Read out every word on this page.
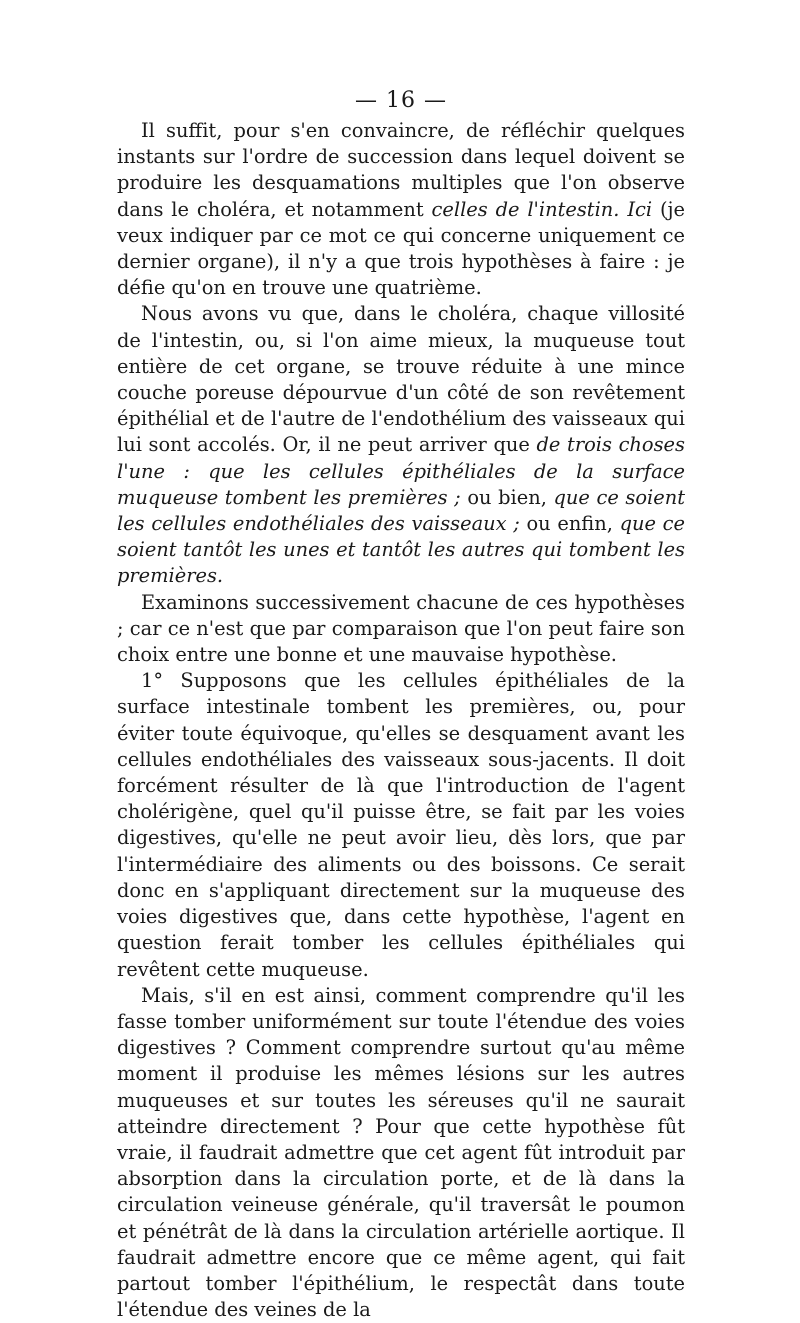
— 16 —

Il suffit, pour s'en convaincre, de réfléchir quelques instants sur l'ordre de succession dans lequel doivent se produire les desquamations multiples que l'on observe dans le choléra, et notamment celles de l'intestin. Ici (je veux indiquer par ce mot ce qui concerne uniquement ce dernier organe), il n'y a que trois hypothèses à faire : je défie qu'on en trouve une quatrième.

Nous avons vu que, dans le choléra, chaque villosité de l'intestin, ou, si l'on aime mieux, la muqueuse tout entière de cet organe, se trouve réduite à une mince couche poreuse dépourvue d'un côté de son revêtement épithélial et de l'autre de l'endothélium des vaisseaux qui lui sont accolés. Or, il ne peut arriver que de trois choses l'une : que les cellules épithéliales de la surface muqueuse tombent les premières ; ou bien, que ce soient les cellules endothéliales des vaisseaux ; ou enfin, que ce soient tantôt les unes et tantôt les autres qui tombent les premières.

Examinons successivement chacune de ces hypothèses ; car ce n'est que par comparaison que l'on peut faire son choix entre une bonne et une mauvaise hypothèse.

1° Supposons que les cellules épithéliales de la surface intestinale tombent les premières, ou, pour éviter toute équivoque, qu'elles se desquament avant les cellules endothéliales des vaisseaux sous-jacents. Il doit forcément résulter de là que l'introduction de l'agent cholérigène, quel qu'il puisse être, se fait par les voies digestives, qu'elle ne peut avoir lieu, dès lors, que par l'intermédiaire des aliments ou des boissons. Ce serait donc en s'appliquant directement sur la muqueuse des voies digestives que, dans cette hypothèse, l'agent en question ferait tomber les cellules épithéliales qui revêtent cette muqueuse.

Mais, s'il en est ainsi, comment comprendre qu'il les fasse tomber uniformément sur toute l'étendue des voies digestives ? Comment comprendre surtout qu'au même moment il produise les mêmes lésions sur les autres muqueuses et sur toutes les séreuses qu'il ne saurait atteindre directement ? Pour que cette hypothèse fût vraie, il faudrait admettre que cet agent fût introduit par absorption dans la circulation porte, et de là dans la circulation veineuse générale, qu'il traversât le poumon et pénétrât de là dans la circulation artérielle aortique. Il faudrait admettre encore que ce même agent, qui fait partout tomber l'épithélium, le respectât dans toute l'étendue des veines de la
